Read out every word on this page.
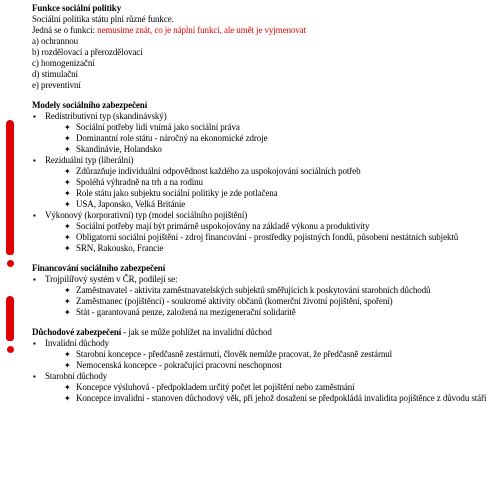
Funkce sociální politiky
Sociální politika státu plní různé funkce.
Jedná se o funkci: nemusíme znát, co je náplní funkcí, ale umět je vyjmenovat
a) ochrannou
b) rozdělovací a přerozdělovací
c) homogenizační
d) stimulační
e) preventivní
Modely sociálního zabezpečení
▪ Redistributivní typ (skandinávský)
✦ Sociální potřeby lidí vnímá jako sociální práva
✦ Dominantní role státu - náročný na ekonomické zdroje
✦ Skandinávie, Holandsko
▪ Reziduální typ (liberální)
✦ Zdůrazňuje individuální odpovědnost každého za uspokojování sociálních potřeb
✦ Spoléhá výhradně na trh a na rodinu
✦ Role státu jako subjektu sociální politiky je zde potlačena
✦ USA, Japonsko, Velká Británie
▪ Výkonový (korporativní) typ (model sociálního pojištění)
✦ Sociální potřeby mají být primárně uspokojovány na základě výkonu a produktivity
✦ Obligatorní sociální pojištění - zdroj financování - prostředky pojistných fondů, působení nestátních subjektů
✦ SRN, Rakousko, Francie
Financování sociálního zabezpečení
▪ Trojpilířový systém v ČR, podílejí se:
✦ Zaměstnavatel - aktivita zaměstnavatelských subjektů směřujících k poskytování starobních důchodů
✦ Zaměstnanec (pojištěnci) - soukromé aktivity občanů (komerční životní pojištění, spoření)
✦ Stát - garantovaná penze, založená na mezigenerační solidaritě
Důchodové zabezpečení - jak se může pohlížet na invalidní důchod
▪ Invalidní důchody
✦ Starobní koncepce - předčasně zestárnutí, člověk nemůže pracovat, že předčasně zestárnul
✦ Nemocenská koncepce - pokračující pracovní neschopnost
▪ Starobní důchody
✦ Koncepce výsluhová - předpokladem určitý počet let pojištění nebo zaměstnání
✦ Koncepce invalidní - stanoven důchodový věk, při jehož dosažení se předpokládá invalidita pojištěnce z důvodu stáří
